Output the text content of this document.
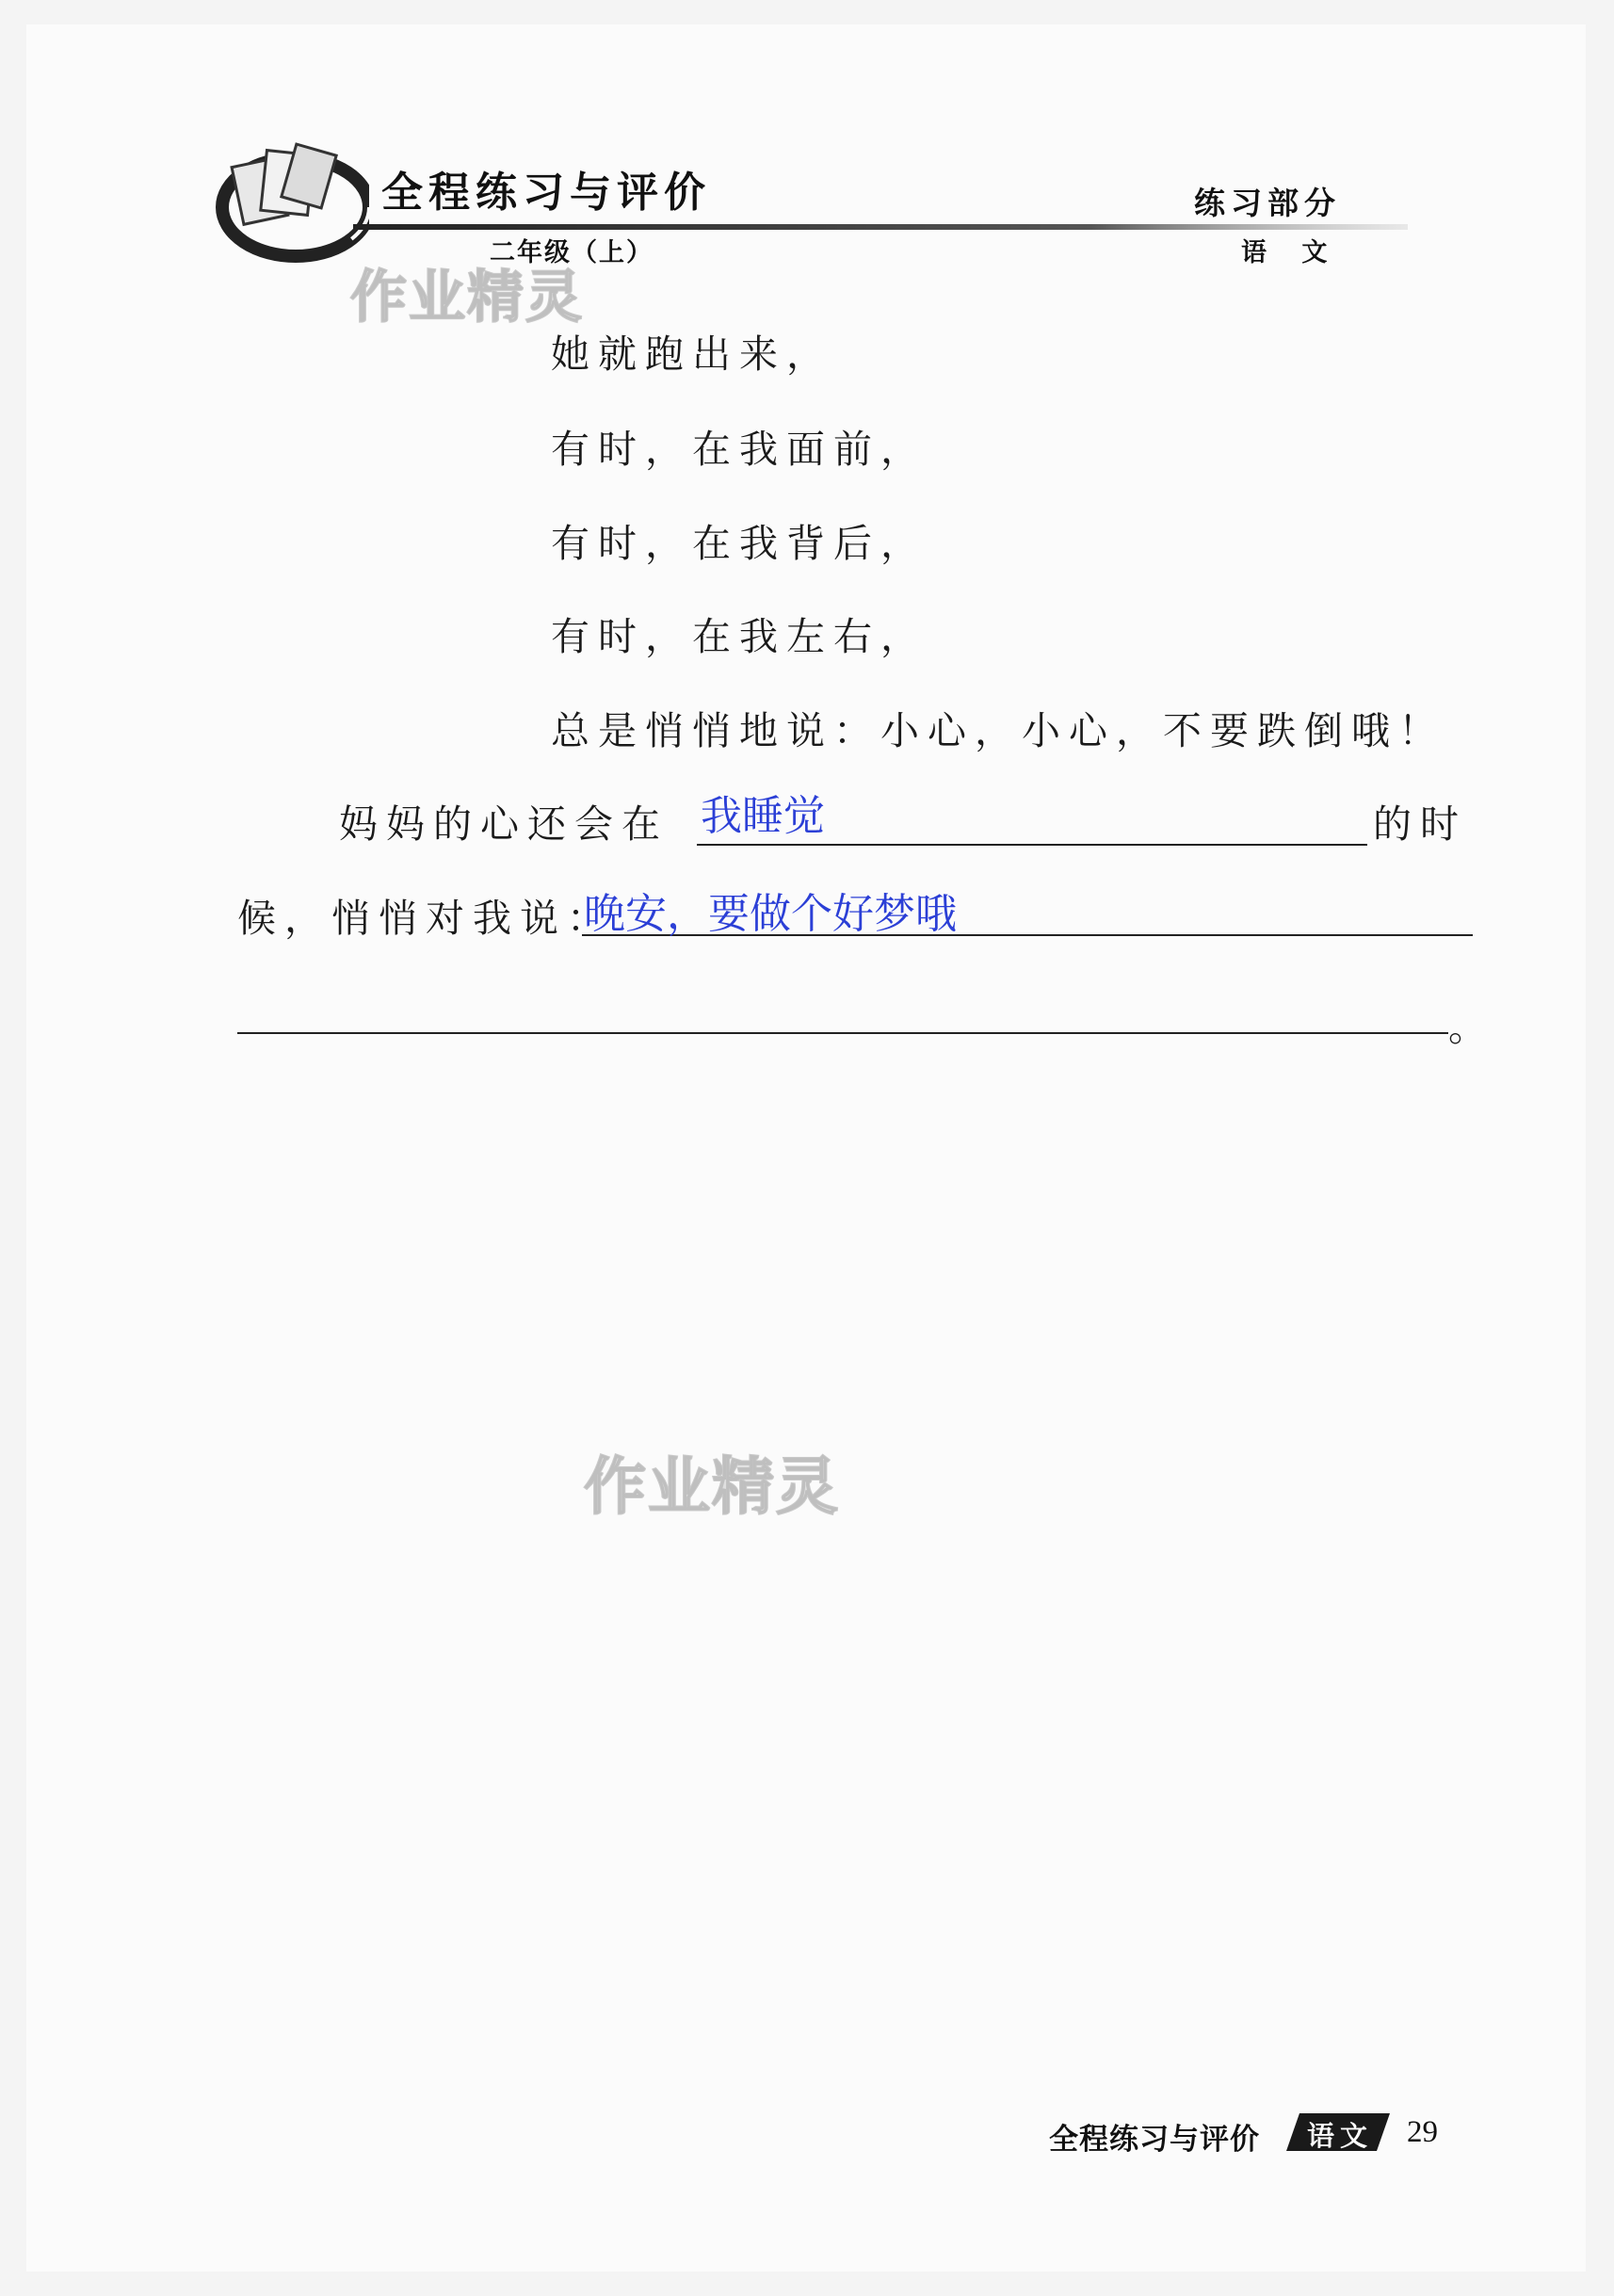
全程练习与评价
二年级（上）
练习部分
语 文
作业精灵
她就跑出来，
有时，在我面前，
有时，在我背后，
有时，在我左右，
总是悄悄地说：小心，小心，不要跌倒哦！
妈妈的心还会在 我睡觉	的时
候，悄悄对我说：
晚安，要做个好梦哦
。
作业精灵
全程练习与评价 语文 29
